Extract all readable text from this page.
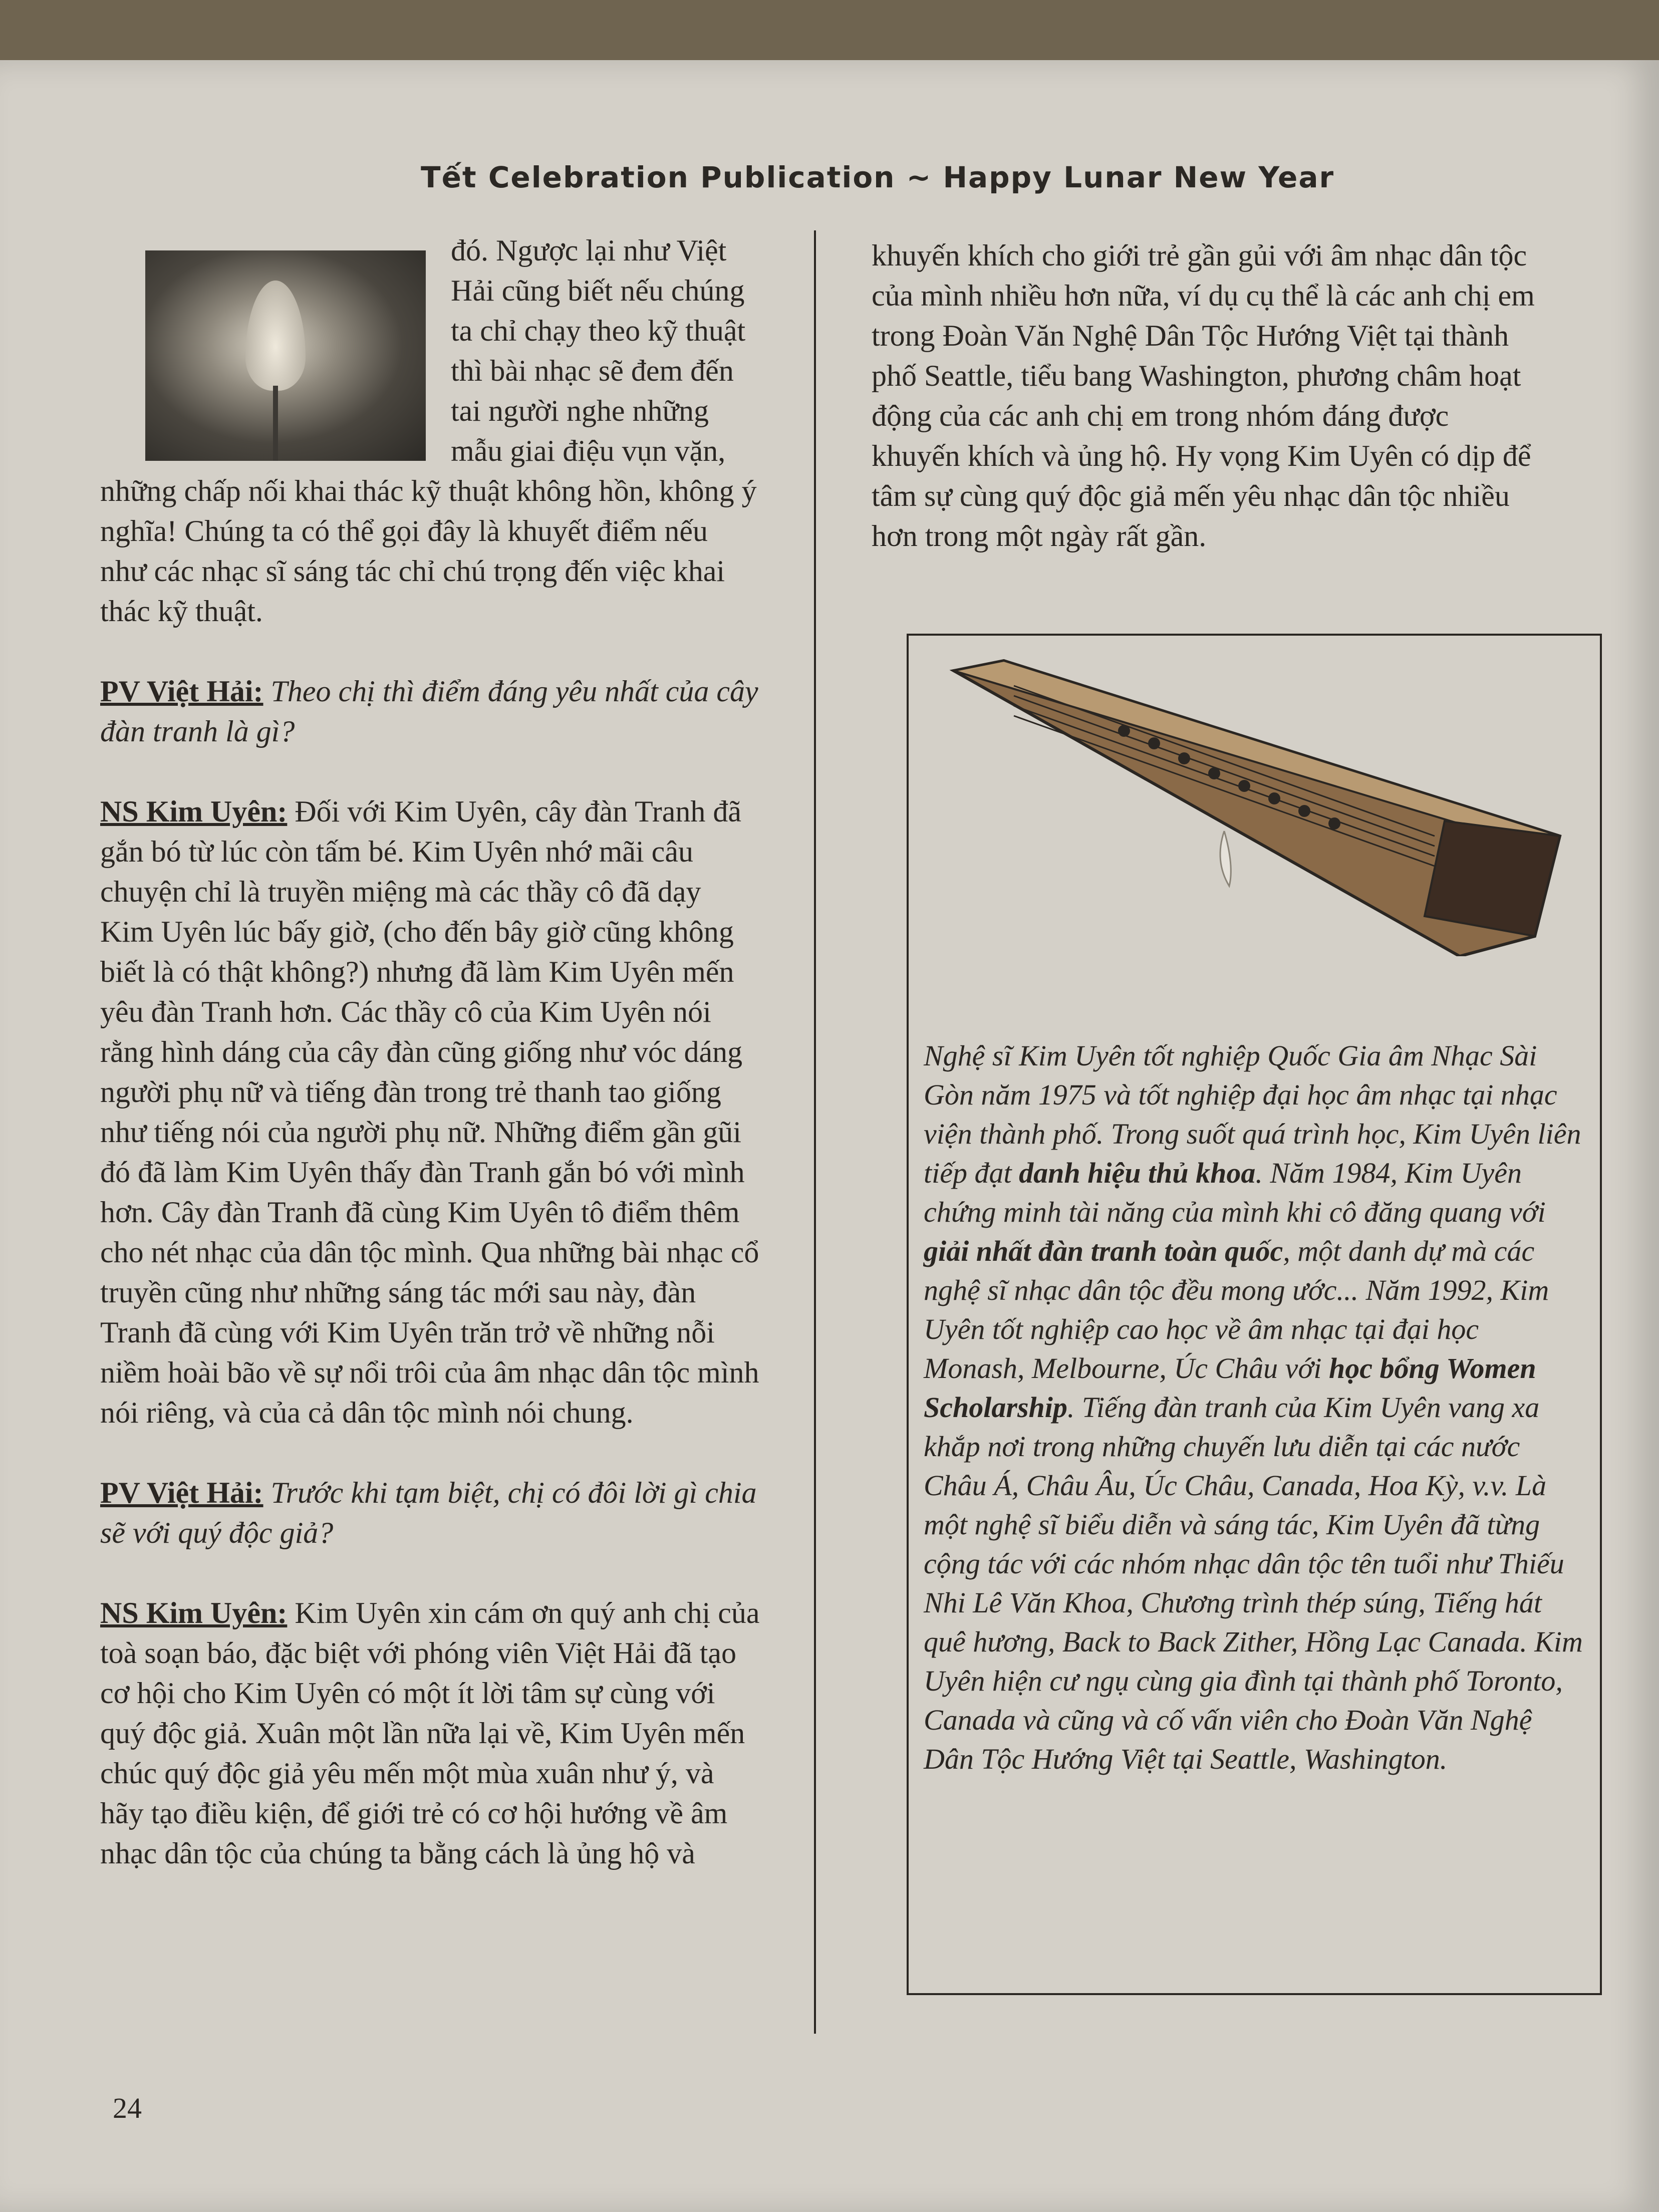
Tết Celebration Publication ~ Happy Lunar New Year

đó. Ngược lại như Việt Hải cũng biết nếu chúng ta chỉ chạy theo kỹ thuật thì bài nhạc sẽ đem đến tai người nghe những mẫu giai điệu vụn vặn, những chấp nối khai thác kỹ thuật không hồn, không ý nghĩa! Chúng ta có thể gọi đây là khuyết điểm nếu như các nhạc sĩ sáng tác chỉ chú trọng đến việc khai thác kỹ thuật.

PV Việt Hải: Theo chị thì điểm đáng yêu nhất của cây đàn tranh là gì?

NS Kim Uyên: Đối với Kim Uyên, cây đàn Tranh đã gắn bó từ lúc còn tấm bé. Kim Uyên nhớ mãi câu chuyện chỉ là truyền miệng mà các thầy cô đã dạy Kim Uyên lúc bấy giờ, (cho đến bây giờ cũng không biết là có thật không?) nhưng đã làm Kim Uyên mến yêu đàn Tranh hơn. Các thầy cô của Kim Uyên nói rằng hình dáng của cây đàn cũng giống như vóc dáng người phụ nữ và tiếng đàn trong trẻ thanh tao giống như tiếng nói của người phụ nữ. Những điểm gần gũi đó đã làm Kim Uyên thấy đàn Tranh gắn bó với mình hơn. Cây đàn Tranh đã cùng Kim Uyên tô điểm thêm cho nét nhạc của dân tộc mình. Qua những bài nhạc cổ truyền cũng như những sáng tác mới sau này, đàn Tranh đã cùng với Kim Uyên trăn trở về những nỗi niềm hoài bão về sự nổi trôi của âm nhạc dân tộc mình nói riêng, và của cả dân tộc mình nói chung.

PV Việt Hải: Trước khi tạm biệt, chị có đôi lời gì chia sẽ với quý độc giả?

NS Kim Uyên: Kim Uyên xin cám ơn quý anh chị của toà soạn báo, đặc biệt với phóng viên Việt Hải đã tạo cơ hội cho Kim Uyên có một ít lời tâm sự cùng với quý độc giả. Xuân một lần nữa lại về, Kim Uyên mến chúc quý độc giả yêu mến một mùa xuân như ý, và hãy tạo điều kiện, để giới trẻ có cơ hội hướng về âm nhạc dân tộc của chúng ta bằng cách là ủng hộ và

khuyến khích cho giới trẻ gần gủi với âm nhạc dân tộc của mình nhiều hơn nữa, ví dụ cụ thể là các anh chị em trong Đoàn Văn Nghệ Dân Tộc Hướng Việt tại thành phố Seattle, tiểu bang Washington, phương châm hoạt động của các anh chị em trong nhóm đáng được khuyến khích và ủng hộ. Hy vọng Kim Uyên có dịp để tâm sự cùng quý độc giả mến yêu nhạc dân tộc nhiều hơn trong một ngày rất gần.

Nghệ sĩ Kim Uyên tốt nghiệp Quốc Gia âm Nhạc Sài Gòn năm 1975 và tốt nghiệp đại học âm nhạc tại nhạc viện thành phố. Trong suốt quá trình học, Kim Uyên liên tiếp đạt danh hiệu thủ khoa. Năm 1984, Kim Uyên chứng minh tài năng của mình khi cô đăng quang với giải nhất đàn tranh toàn quốc, một danh dự mà các nghệ sĩ nhạc dân tộc đều mong ước... Năm 1992, Kim Uyên tốt nghiệp cao học về âm nhạc tại đại học Monash, Melbourne, Úc Châu với học bổng Women Scholarship. Tiếng đàn tranh của Kim Uyên vang xa khắp nơi trong những chuyến lưu diễn tại các nước Châu Á, Châu Âu, Úc Châu, Canada, Hoa Kỳ, v.v. Là một nghệ sĩ biểu diễn và sáng tác, Kim Uyên đã từng cộng tác với các nhóm nhạc dân tộc tên tuổi như Thiếu Nhi Lê Văn Khoa, Chương trình thép súng, Tiếng hát quê hương, Back to Back Zither, Hồng Lạc Canada. Kim Uyên hiện cư ngụ cùng gia đình tại thành phố Toronto, Canada và cũng và cố vấn viên cho Đoàn Văn Nghệ Dân Tộc Hướng Việt tại Seattle, Washington.
24
